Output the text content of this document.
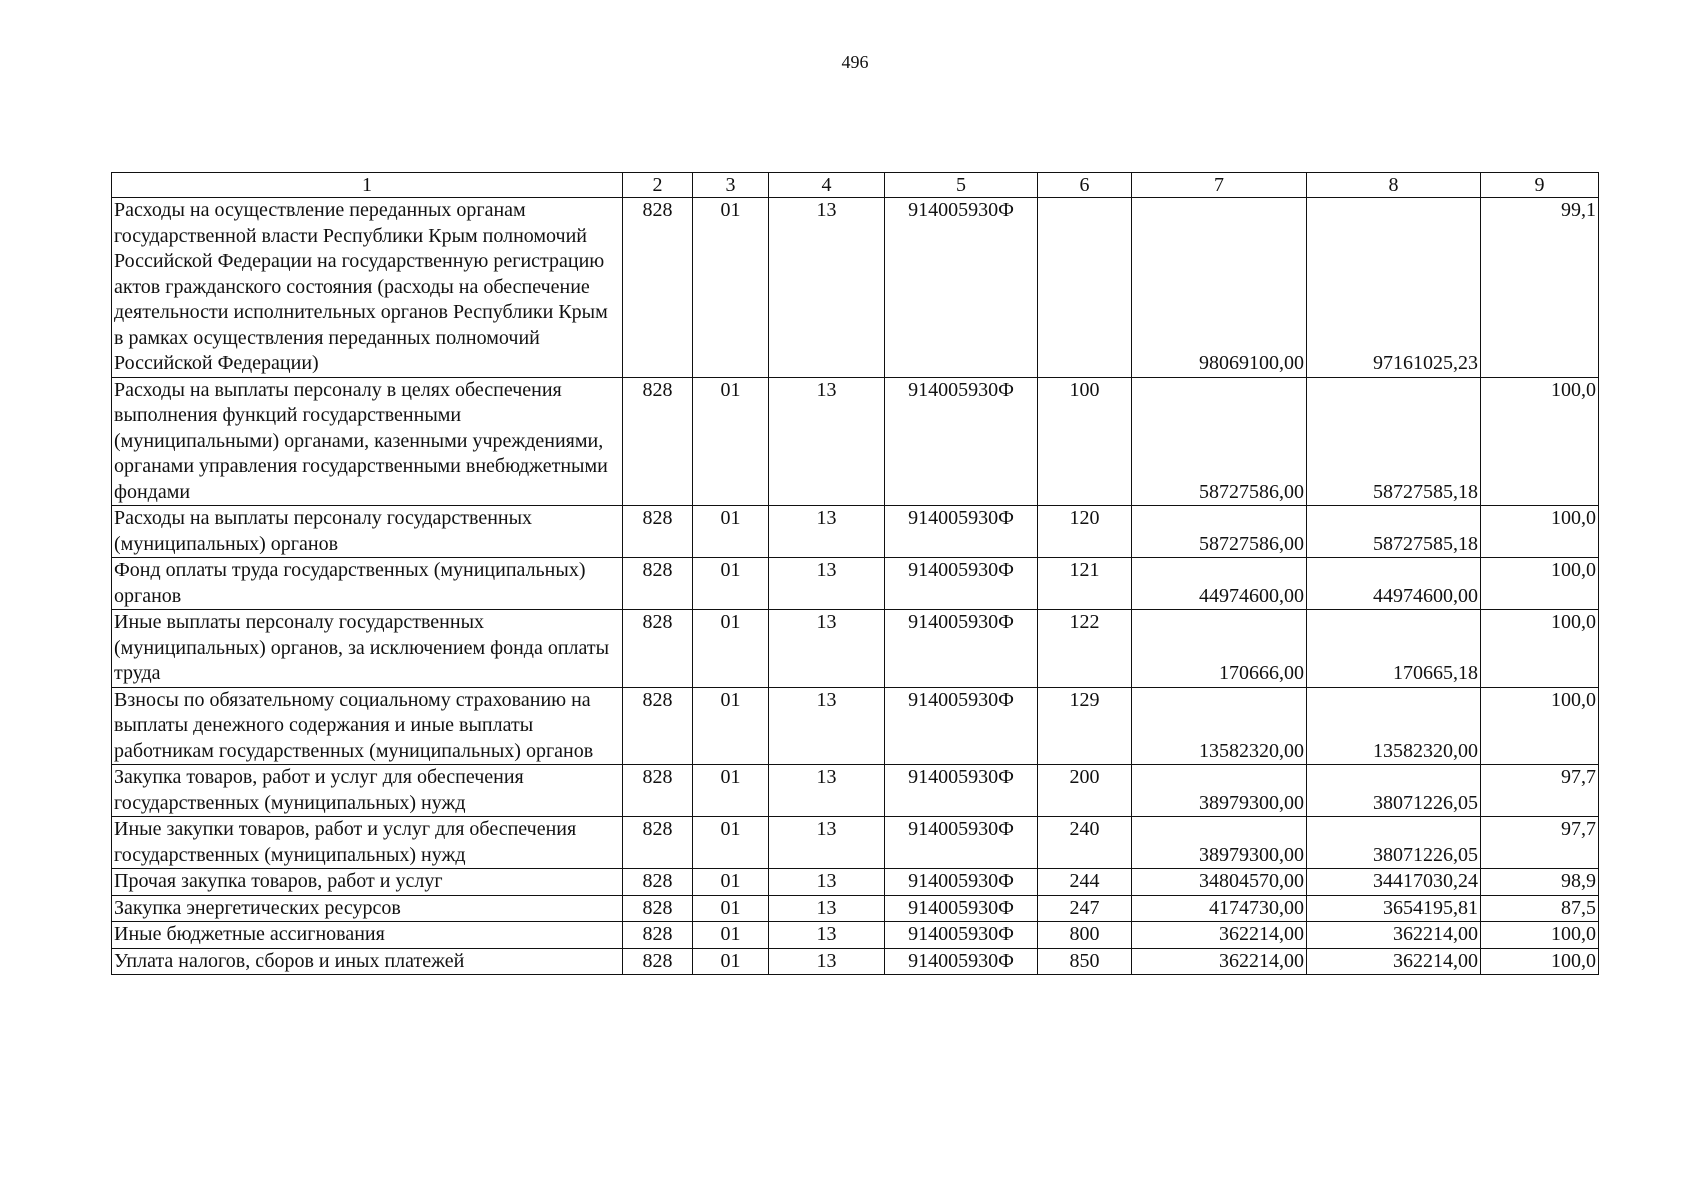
496
1	2	3	4	5	6	7	8	9
Расходы на осуществление переданных органам государственной власти Республики Крым полномочий Российской Федерации на государственную регистрацию актов гражданского состояния (расходы на обеспечение деятельности исполнительных органов Республики Крым в рамках осуществления переданных полномочий Российской Федерации)	828	01	13	914005930Ф		98069100,00	97161025,23	99,1
Расходы на выплаты персоналу в целях обеспечения выполнения функций государственными (муниципальными) органами, казенными учреждениями, органами управления государственными внебюджетными фондами	828	01	13	914005930Ф	100	58727586,00	58727585,18	100,0
Расходы на выплаты персоналу государственных (муниципальных) органов	828	01	13	914005930Ф	120	58727586,00	58727585,18	100,0
Фонд оплаты труда государственных (муниципальных) органов	828	01	13	914005930Ф	121	44974600,00	44974600,00	100,0
Иные выплаты персоналу государственных (муниципальных) органов, за исключением фонда оплаты труда	828	01	13	914005930Ф	122	170666,00	170665,18	100,0
Взносы по обязательному социальному страхованию на выплаты денежного содержания и иные выплаты работникам государственных (муниципальных) органов	828	01	13	914005930Ф	129	13582320,00	13582320,00	100,0
Закупка товаров, работ и услуг для обеспечения государственных (муниципальных) нужд	828	01	13	914005930Ф	200	38979300,00	38071226,05	97,7
Иные закупки товаров, работ и услуг для обеспечения государственных (муниципальных) нужд	828	01	13	914005930Ф	240	38979300,00	38071226,05	97,7
Прочая закупка товаров, работ и услуг	828	01	13	914005930Ф	244	34804570,00	34417030,24	98,9
Закупка энергетических ресурсов	828	01	13	914005930Ф	247	4174730,00	3654195,81	87,5
Иные бюджетные ассигнования	828	01	13	914005930Ф	800	362214,00	362214,00	100,0
Уплата налогов, сборов и иных платежей	828	01	13	914005930Ф	850	362214,00	362214,00	100,0
